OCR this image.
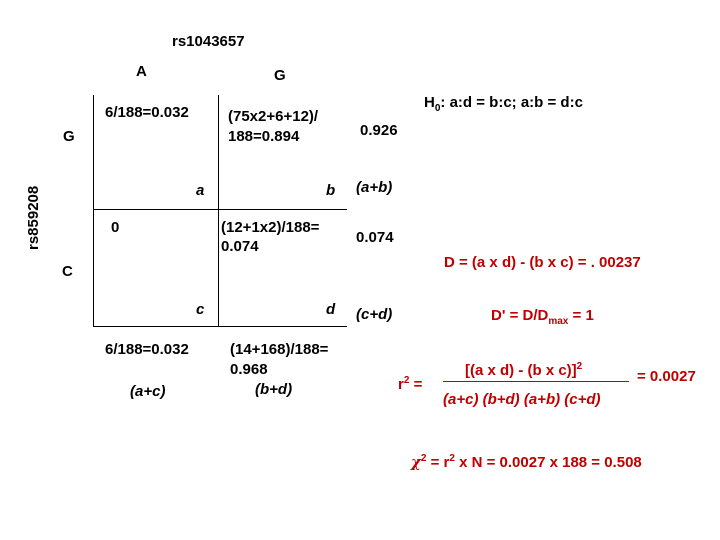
rs1043657
A	G
rs859208
G
C
6/188=0.032
a
(75x2+6+12)/
188=0.894
b
0
c
(12+1x2)/188=
0.074
d
0.926
(a+b)
0.074
(c+d)
6/188=0.032
(a+c)
(14+168)/188=
0.968
(b+d)
$H_0$: a:d = b:c; a:b = d:c
D = (a x d) - (b x c) = . 00237
$D' = D/D_{max} = 1$
$r^2$ =
[(a x d) - (b x c)]$^2$
(a+c) (b+d) (a+b) (c+d)
= 0.0027
$\chi^2 = r^2$ x N = 0.0027 x 188 = 0.508
